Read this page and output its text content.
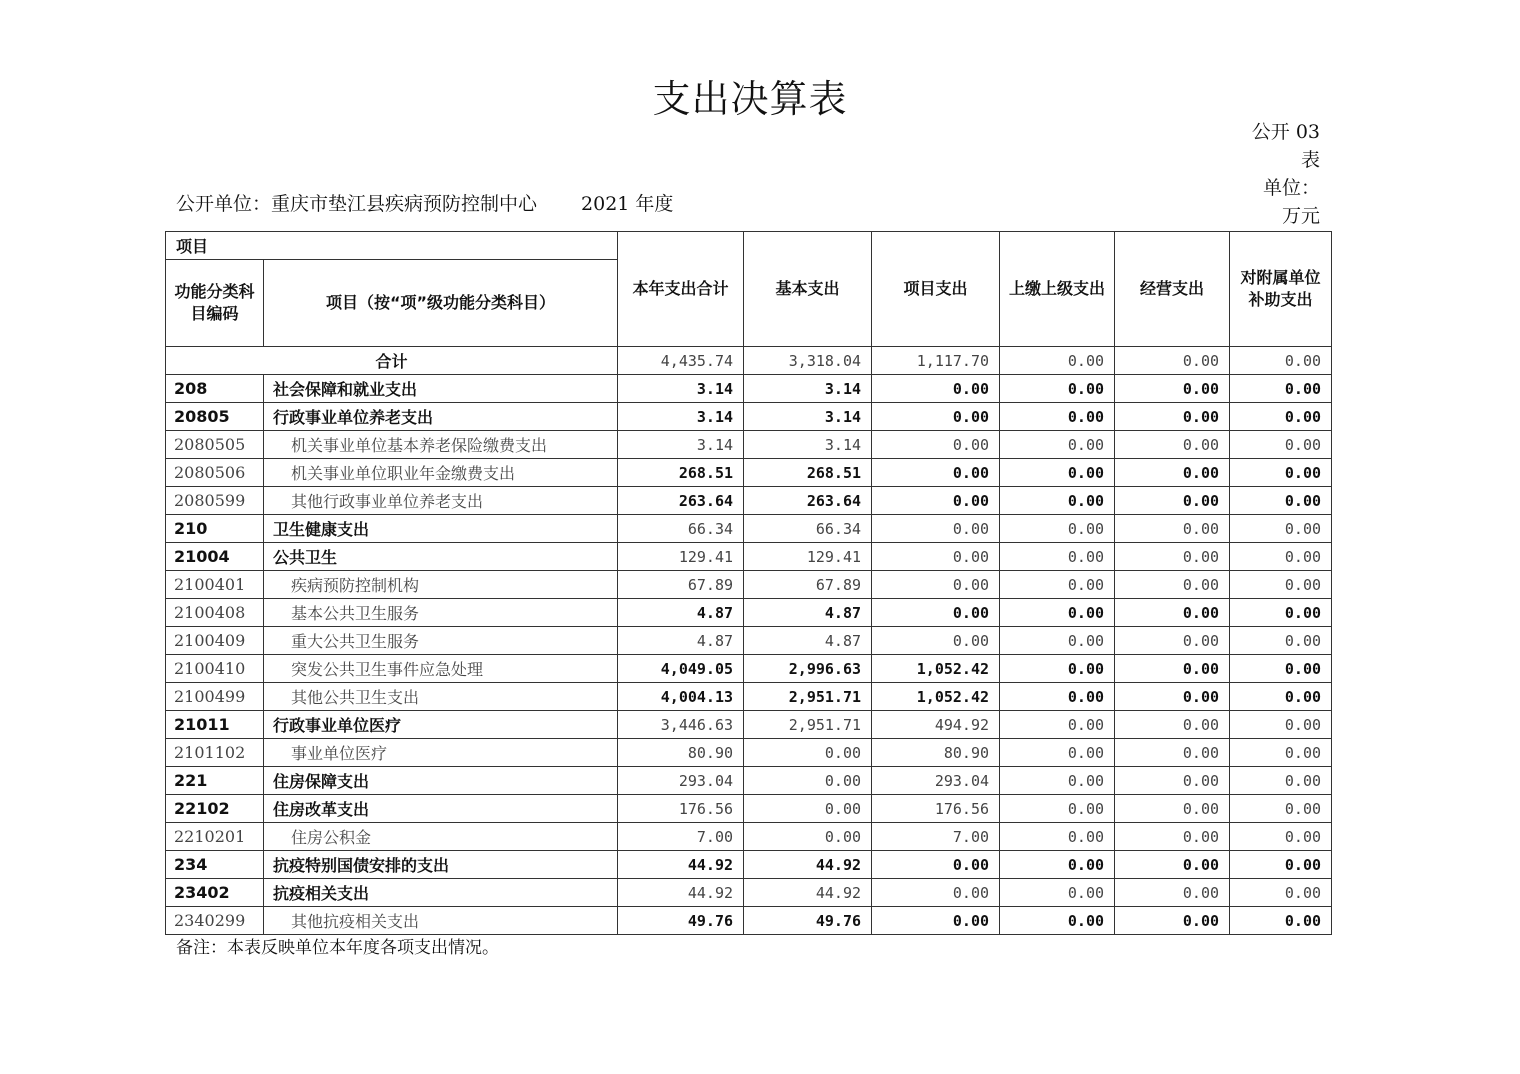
支出决算表
公开 03
表
单位：
万元
公开单位：重庆市垫江县疾病预防控制中心 2021 年度
项目		本年支出合计	基本支出	项目支出	上缴上级支出	经营支出	对附属单位补助支出
功能分类科目编码	项目（按“项”级功能分类科目）						
合计		4,435.74	3,318.04	1,117.70	0.00	0.00	0.00
208	社会保障和就业支出	3.14	3.14	0.00	0.00	0.00	0.00
20805	行政事业单位养老支出	3.14	3.14	0.00	0.00	0.00	0.00
2080505	机关事业单位基本养老保险缴费支出	3.14	3.14	0.00	0.00	0.00	0.00
2080506	机关事业单位职业年金缴费支出	268.51	268.51	0.00	0.00	0.00	0.00
2080599	其他行政事业单位养老支出	263.64	263.64	0.00	0.00	0.00	0.00
210	卫生健康支出	66.34	66.34	0.00	0.00	0.00	0.00
21004	公共卫生	129.41	129.41	0.00	0.00	0.00	0.00
2100401	疾病预防控制机构	67.89	67.89	0.00	0.00	0.00	0.00
2100408	基本公共卫生服务	4.87	4.87	0.00	0.00	0.00	0.00
2100409	重大公共卫生服务	4.87	4.87	0.00	0.00	0.00	0.00
2100410	突发公共卫生事件应急处理	4,049.05	2,996.63	1,052.42	0.00	0.00	0.00
2100499	其他公共卫生支出	4,004.13	2,951.71	1,052.42	0.00	0.00	0.00
21011	行政事业单位医疗	3,446.63	2,951.71	494.92	0.00	0.00	0.00
2101102	事业单位医疗	80.90	0.00	80.90	0.00	0.00	0.00
221	住房保障支出	293.04	0.00	293.04	0.00	0.00	0.00
22102	住房改革支出	176.56	0.00	176.56	0.00	0.00	0.00
2210201	住房公积金	7.00	0.00	7.00	0.00	0.00	0.00
234	抗疫特别国债安排的支出	44.92	44.92	0.00	0.00	0.00	0.00
23402	抗疫相关支出	44.92	44.92	0.00	0.00	0.00	0.00
2340299	其他抗疫相关支出	49.76	49.76	0.00	0.00	0.00	0.00
备注：本表反映单位本年度各项支出情况。
